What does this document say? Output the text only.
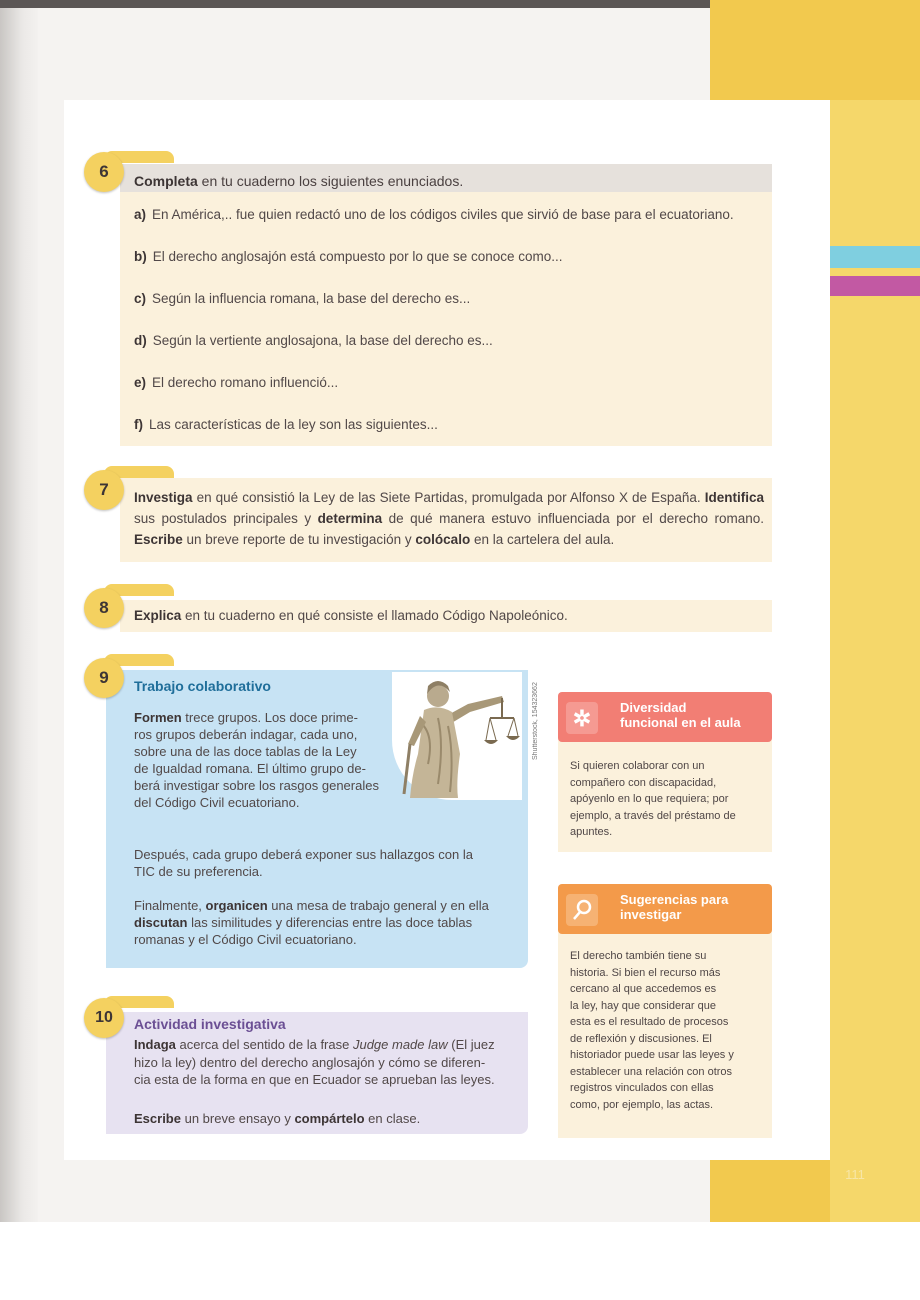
111
6	Completa en tu cuaderno los siguientes enunciados.
a) En América,.. fue quien redactó uno de los códigos civiles que sirvió de base para el ecuatoriano.
b) El derecho anglosajón está compuesto por lo que se conoce como...
c) Según la influencia romana, la base del derecho es...
d) Según la vertiente anglosajona, la base del derecho es...
e) El derecho romano influenció...
f) Las características de la ley son las siguientes...
7	Investiga en qué consistió la Ley de las Siete Partidas, promulgada por Alfonso X de España. Identifica sus postulados principales y determina de qué manera estuvo influenciada por el derecho romano. Escribe un breve reporte de tu investigación y colócalo en la cartelera del aula.
8	Explica en tu cuaderno en qué consiste el llamado Código Napoleónico.
9
Shutterstock, 154323662
Trabajo colaborativo
Formen trece grupos. Los doce prime-
ros grupos deberán indagar, cada uno,
sobre una de las doce tablas de la Ley
de Igualdad romana. El último grupo de-
berá investigar sobre los rasgos generales
del Código Civil ecuatoriano.
Después, cada grupo deberá exponer sus hallazgos con la
TIC de su preferencia.
Finalmente, organicen una mesa de trabajo general y en ella
discutan las similitudes y diferencias entre las doce tablas
romanas y el Código Civil ecuatoriano.
10	Actividad investigativa
Indaga acerca del sentido de la frase Judge made law (El juez
hizo la ley) dentro del derecho anglosajón y cómo se diferen-
cia esta de la forma en que en Ecuador se aprueban las leyes.
Escribe un breve ensayo y compártelo en clase.
✲	Diversidad
funcional en el aula
Si quieren colaborar con un
compañero con discapacidad,
apóyenlo en lo que requiera; por
ejemplo, a través del préstamo de
apuntes.
Sugerencias para
investigar
El derecho también tiene su
historia. Si bien el recurso más
cercano al que accedemos es
la ley, hay que considerar que
esta es el resultado de procesos
de reflexión y discusiones. El
historiador puede usar las leyes y
establecer una relación con otros
registros vinculados con ellas
como, por ejemplo, las actas.
